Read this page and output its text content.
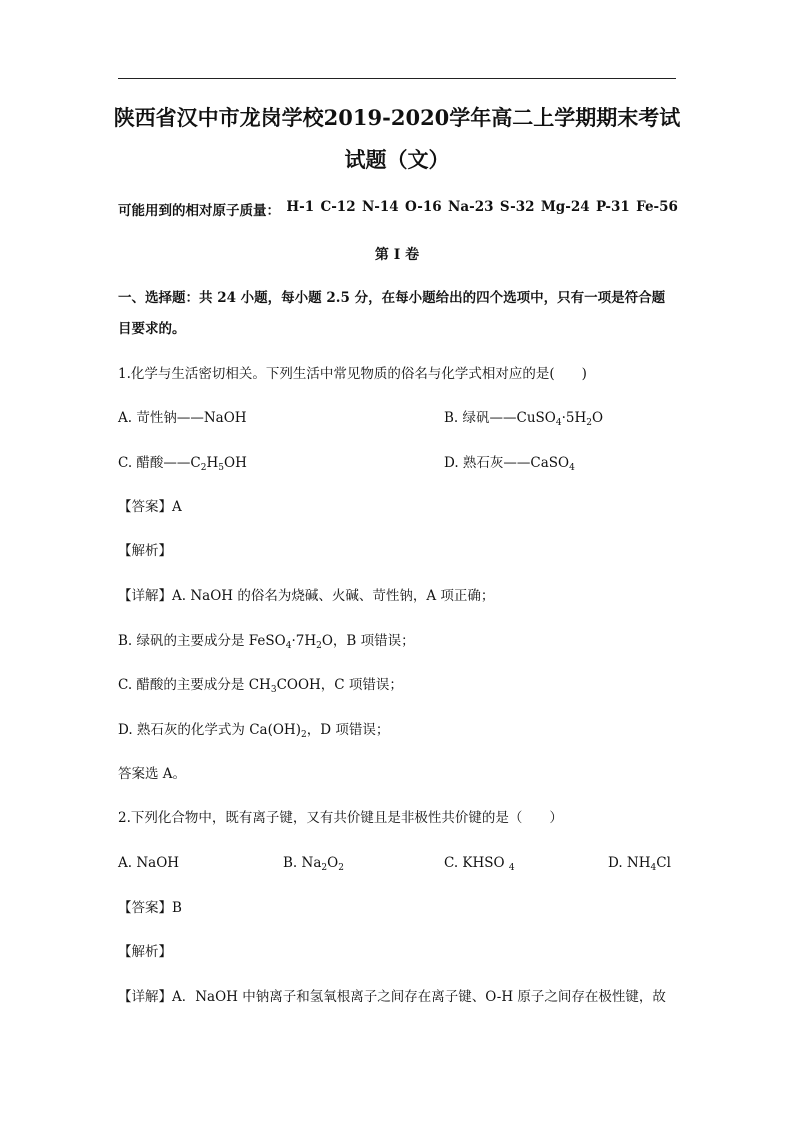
陕西省汉中市龙岗学校2019-2020学年高二上学期期末考试
试题（文）
可能用到的相对原子质量： H-1 C-12 N-14 O-16 Na-23 S-32 Mg-24 P-31 Fe-56
第 I 卷
一、选择题：共 24 小题，每小题 2.5 分，在每小题给出的四个选项中，只有一项是符合题
目要求的。
1.化学与生活密切相关。下列生活中常见物质的俗名与化学式相对应的是(　　)
A. 苛性钠——NaOH	B. 绿矾$——CuSO_4\cdot 5H_2O$
C. 醋酸$——C_2H_5OH$	D. 熟石灰——CaSO$_4$
【答案】A
【解析】
【详解】A. NaOH 的俗名为烧碱、火碱、苛性钠，A 项正确；
B. 绿矾的主要成分是 $FeSO_4\cdot 7H_2O$，B 项错误；
C. 醋酸的主要成分是 $CH_3COOH$，C 项错误；
D. 熟石灰的化学式为 $Ca(OH)_2$，D 项错误；
答案选 A。
2.下列化合物中，既有离子键，又有共价键且是非极性共价键的是（　　）
A. NaOH	B. $Na_2O_2$	C. KHSO $_4$	D. $NH_4Cl$
【答案】B
【解析】
【详解】A．NaOH 中钠离子和氢氧根离子之间存在离子键、O-H 原子之间存在极性键，故
